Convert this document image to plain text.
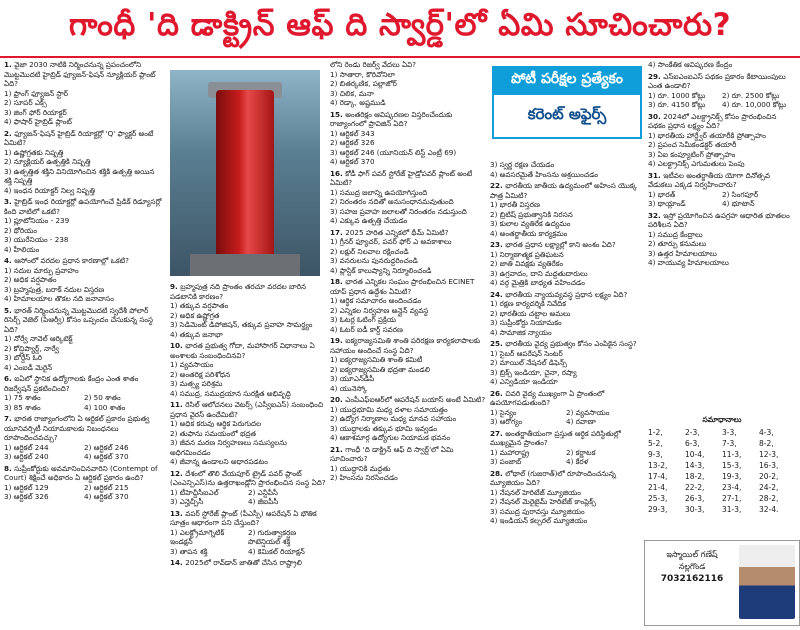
గాంధీ 'ది డాక్ట్రిన్ ఆఫ్ ది స్వార్డ్'లో ఏమి సూచించారు?
1. వైజా 2030 నాటికి నిర్మించనున్న ప్రపంచంలోని మొట్టమొదటి హైబ్రిడ్ ఫ్యూజన్-ఫిషన్ న్యూక్లియర్ ప్లాంట్ ఏది?
1) ఫ్రాంగ్ ఫ్యూజన్ స్టార్
2) సూపర్ ఎక్స్
3) జింగ్ ఫోర్ రియాక్టర్
4) ఫాషార్ హైబ్రిడ్ ప్లాంట్
2. ఫ్యూజన్-ఫిషన్ హైబ్రిడ్ రియాక్టర్లో 'Q' ఫ్యాక్టర్ అంటే ఏమిటి?
1) ఉష్ణోగ్రతకు నిష్పత్తి
2) న్యూక్లియర్ ఉత్పత్తికి నిష్పత్తి
3) ఉత్పత్తిత శక్తిని వినియోగించిన శక్తికి ఉత్పత్తి అయిన శక్తి నిష్పత్తి
4) ఇంధన రియాక్టర్ నిల్వ నిష్పత్తి
3. హైబ్రిడ్ ఇంధ రియాక్టర్లో ఉపయోగించే ప్రిడిక్ రిడ్యూసర్లో కింది వాటిలో ఒకటి?
1) ప్లూటోనియం - 239
2) థోరియం
3) యురేనియం - 238
4) హీలియం
4. ఆసోంలో వరదల ప్రధాన కారణాల్లో ఒకటి?
1) నదుల మార్పు ప్రవాహం
2) అధిక వర్షపాతం
3) బ్రహ్మపుత్ర, బరాక్ నదుల విస్తరణ
4) హిమాలయాల తొకల నది జనావాసం
5. భారత్ నిర్మించనున్న మొట్టమొదటి స్వదేశీ పోలార్ రిసెర్చ్ వెజెల్ (పిఆర్వీ) కోసం ఒప్పందం చేసుకున్న సంస్థ ఏది?
1) నోర్వే నావెల్ ఆర్కిటెక్ట్
2) కోచ్షిప్యార్డ్, నార్వే
3) బోర్డేస్ ఓరి
4) ఎంఐడీ మెరైన్
6. ఐఏలో స్థానిక ఉద్యోగాలకు కేంద్రం ఎంత శాతం రిజర్వేషన్ ప్రకటించింది?
1) 75 శాతం	2) 50 శాతం
3) 85 శాతం	4) 100 శాతం
7. భారత రాజ్యాంగంలోని ఏ ఆర్టికల్ ప్రకారం ప్రభుత్వ యూనివర్సిటీ నియామకాలకు నిబంధనలు రూపొందించవచ్చు?
1) ఆర్టికల్ 244	2) ఆర్టికల్ 246
3) ఆర్టికల్ 240	4) ఆర్టికల్ 370
8. సుప్రీంకోర్టుకు అవమానించినవారిని (Contempt of Court) శిక్షించే అధికారం ఏ ఆర్టికల్ ప్రకారం ఉంది?
1) ఆర్టికల్ 129	2) ఆర్టికల్ 215
3) ఆర్టికల్ 326	4) ఆర్టికల్ 370
9. బ్రహ్మపుత్ర నది ప్రాంతం తరచూ వరదల బారిన పడటానికి కారణం?
1) తక్కువ వర్షపాతం
2) అధిక ఉష్ణోగ్రత
3) సెడిమెంట్ డిపోజిషన్, తక్కువ ప్రవాహ సామర్థ్యం
4) తక్కువ జనాభా
10. భారత ప్రభుత్వ గోదా, మహాసాగర్ విధానాలు ఏ అంశాలకు సంబంధించినవి?
1) వ్యవసాయం
2) అంతరిక్ష పరిశోధన
3) మత్స్య పరిశ్రమ
4) సముద్ర, సముద్రయాన సురక్షిత అభివృద్ధి
11. రెసిల్ ఆలోచనలు వెటర్స్ (ఎస్వీఐఎస్) సంబంధించి ప్రధాన వైరస్ ఉందేమిటి?
1) అధిక కరువు ఆర్థిక పెరుగుదల
2) తుఫాను సమయంలో భద్రత
3) జీవన మరణ నిర్వహణలు సమస్యలను అధిగమించడం
4) జీవాన్న ఉండాలని అధారపడటం
12. దేశంలో తొలి వేయపూర్ ట్రైడ్ పవర్ ప్లాంట్ (ఎంఎన్పిఎస్)ను ఉత్తరాఖండ్లోని ప్రారంభించిన సంస్థ ఏది?
1) టీహెచ్డీసీఐఎల్	2) ఎన్టీపీసీ
3) ఎన్హెచ్పీసీ	4) జీఐపీసీ
13. వపర్ స్టోరేజ్ ప్లాంట్ (పీఎస్పీ) ఆపరేషన్ ఏ భౌతిక సూత్రం ఆధారంగా పని చేస్తుంది?
1) ఎలక్ట్రోమాగ్నెటిక్ ఇండక్షన్
2) గురుత్వాకర్షణ పొటెన్షియల్ శక్తి
3) తాపన శక్తి	4) కెమికల్ రియాక్షన్
14. 2025లో రావ్‌డాన్ జాతితో చేసిన రాష్ట్రాలి
లోని రెండు రిజర్వ్ వేదలు ఏవి?
1) సాతారా, కొరివోనిలా
2) బితర్కణిక, పల్లాజోర్
3) చిలిక, మనా
4) రెడ్కా, అష్టముడి
15. అంతరిక్షం ఆవిష్కరణల విస్తరించేందుకు రాజ్యాంగంలో ప్రావిజిన్ ఏది?
1) ఆర్టికల్ 343
2) ఆర్టికల్ 326
3) ఆర్టికల్ 246 (యూనియన్ లిస్ట్ ఎంట్రీ 69)
4) ఆర్టికల్ 370
16. కోడీ ఫాగ్ పవర్ స్టోరేజ్ హైడ్రోపవర్ ప్లాంట్ అంటే ఏమిటి?
1) సముద్ర జలాన్ని ఉపయోగిస్తుంది
2) నిరంతరం నదితో అనుసంధానమవుతుంది
3) సహజ ప్రవాహ జలాలతో నిరంతరం నడుస్తుంది
4) ఎక్కువ ఉత్పత్తి చేయడం
17. 2025 హరిత ఎన్నికలో థీమ్ ఏమిటి?
1) గ్రీనర్ ఫ్యూచర్, పవర్ ఫోర్ ఎ అవకాశాలు
2) లక్షుర్ నిలవాల రక్షించండి
3) వనరులను పునరుద్ధరించండి
4) ప్లాస్టిక్ కాలుష్యాన్ని నిర్మూలించండి
18. భారత ఎన్నికల సంఘం ప్రారంభించిన ECINET యాప్ ప్రధాన ఉద్దేశం ఏమిటి?
1) ఆర్థిక సమాచారం అందించడం
2) ఎన్నికల నిర్వహణ అన్లైన్ వ్యవస్థ
3) ఓటర్ల ఓటింగ్ ప్రక్రియ
4) ఓటర్ ఐడీ కార్డ్ సవరణ
19. ఐక్యరాజ్యసమితి శాంతి పరిరక్షణ కార్యకలాపాలకు సహాయం అందించే సంస్థ ఏది?
1) ఐక్యరాజ్యసమితి శాంతి కమిటీ
2) ఐక్యరాజ్యసమితి భద్రతా మండలి
3) యూఎన్‌డీపీ
4) యునెస్కో
20. ఎంపీఎఫ్ఐఆర్‌లో ఆపరేషన్ బయాస్ అంటే ఏమిటి?
1) యుద్ధభూమి మధ్య దళాల సమాయత్తం
2) ఉద్యోగ నిర్మాణాల మధ్య మానవ సహాయం
3) యుద్ధాలకు తక్కువ భూమి ఇవ్వడం
4) ఆకాశమార్గ ఉద్యోగుల నియామక భవనం
21. గాంధీ 'ది డాక్ట్రిన్ ఆఫ్ ది స్వార్డ్'లో ఏమి సూచించారు?
1) యుద్ధానికి మద్దతు
2) హింసను నిరసించడం
పోటీ పరీక్షల ప్రత్యేకం
కరెంట్ అఫైర్స్
3) స్వర్ణ రక్షణ చేయడం
4) అవసరమైతే హింసను ఆశ్రయించడం
22. భారతీయ జాతీయ ఉద్యమంలో అహింస యొక్క పాత్ర ఏమిటి?
1) భారతీ విస్తరణ
2) బ్రిటిష్ ప్రభుత్వానికి నిరసన
3) కులాల వ్యతిరేక ఉద్యమం
4) అంతర్జాతీయ కార్యక్రమం
23. భారత ప్రధాన లక్ష్యాల్లో కాని అంశం ఏది?
1) నిర్మాణాత్మక ప్రతిఘటన
2) జాతి వివక్షకు వ్యతిరేకం
3) ఉగ్రవాదం, దాని మద్దతుదారులు
4) వర్గ మైత్రికి బాధ్యత వహించడం
24. భారతీయ న్యాయవ్యవస్థ ప్రధాన లక్ష్యం ఏది?
1) రక్షణ కార్యదర్శికి నివేదిక
2) భారతీయ చట్టాల అమలు
3) సుప్రీంకోర్టు నియామకం
4) సామాజిక న్యాయం
25. భారతీయ వైద్య ప్రభుత్వం కోసం ఎంపికైన సంస్థ?
1) సైబర్ ఆపరేషన్ సెంటర్
2) మాయిల్ నేషనల్ డిఫెన్స్
3) బ్రిక్స్ ఇండియా, చైనా, రష్యా
4) ఎన్విడియా ఇండియా
26. చివరి వైద్య ముఖ్యంగా ఏ ప్రాంతంలో ఉపయోగపడుతుంది?
1) సైన్యం	2) వ్యవసాయం
3) ఆరోగ్యం	4) రవాణా
27. అంతర్జాతీయంగా ప్రస్తుత ఆర్థిక పరిస్థితుల్లో ముఖ్యమైన ప్రాంతం?
1) మహారాష్ట్ర	2) కర్ణాటక
3) పంజాబ్	4) కేరళ
28. లోథాల్ (గుజరాత్)లో రూపొందించనున్న మ్యూజియం ఏది?
1) నేషనల్ హెరిటేజ్ మ్యూజియం
2) నేషనల్ మెరైటైమ్ హెరిటేజ్ కాంప్లెక్స్
3) సముద్ర పురావస్తు మ్యూజియం
4) ఇండియన్ కల్చరల్ మ్యూజియం
4) సాంకేతిక ఆవిష్కరణ కేంద్రం
29. ఎస్ఐఎంఐఎస్ పథకం ప్రకారం కేటాయింపులు ఎంత ఉండాలి?
1) రూ. 1000 కోట్లు	2) రూ. 2500 కోట్లు
3) రూ. 4150 కోట్లు	4) రూ. 10,000 కోట్లు
30. 2024లో ఎలక్ట్రానిక్స్ కోసం ప్రారంభించిన పథకం ప్రధాన లక్ష్యం ఏది?
1) భారతీయ హార్డ్వేర్ తయారీకి ప్రోత్సాహం
2) ప్రపంచ సెమీకండక్టర్ తయారీ
3) ఏఐ కంప్యూటింగ్ ప్రోత్సాహం
4) ఎలక్ట్రానిక్స్ ఎగుమతులు పెంపు
31. ఇటీవల అంతర్జాతీయ యోగా దినోత్సవ వేడుకలు ఎక్కడ నిర్వహించారు?
1) భారత్	2) సింగపూర్
3) థాయ్లాండ్	4) భూటాన్
32. ఇస్రో ప్రయోగించిన ఉపగ్రహ ఆధారిత భూతలం పరిశీలన ఏది?
1) సముద్ర కేంద్రాలు
2) తూర్పు కనుమలు
3) ఉత్తర హిమాలయాలు
4) వాయువ్య హిమాలయాలు
సమాధానాలు
1-2,	2-3,	3-3,	4-3,
5-2,	6-3,	7-3,	8-2,
9-3,	10-4,	11-3,	12-3,
13-2,	14-3,	15-3,	16-3,
17-4,	18-2,	19-3,	20-2,
21-4,	22-2,	23-4,	24-2,
25-3,	26-3,	27-1,	28-2,
29-3,	30-3,	31-3,	32-4.
ఇస్మాయిల్ గణేష్
నల్లగొండ
7032162116
